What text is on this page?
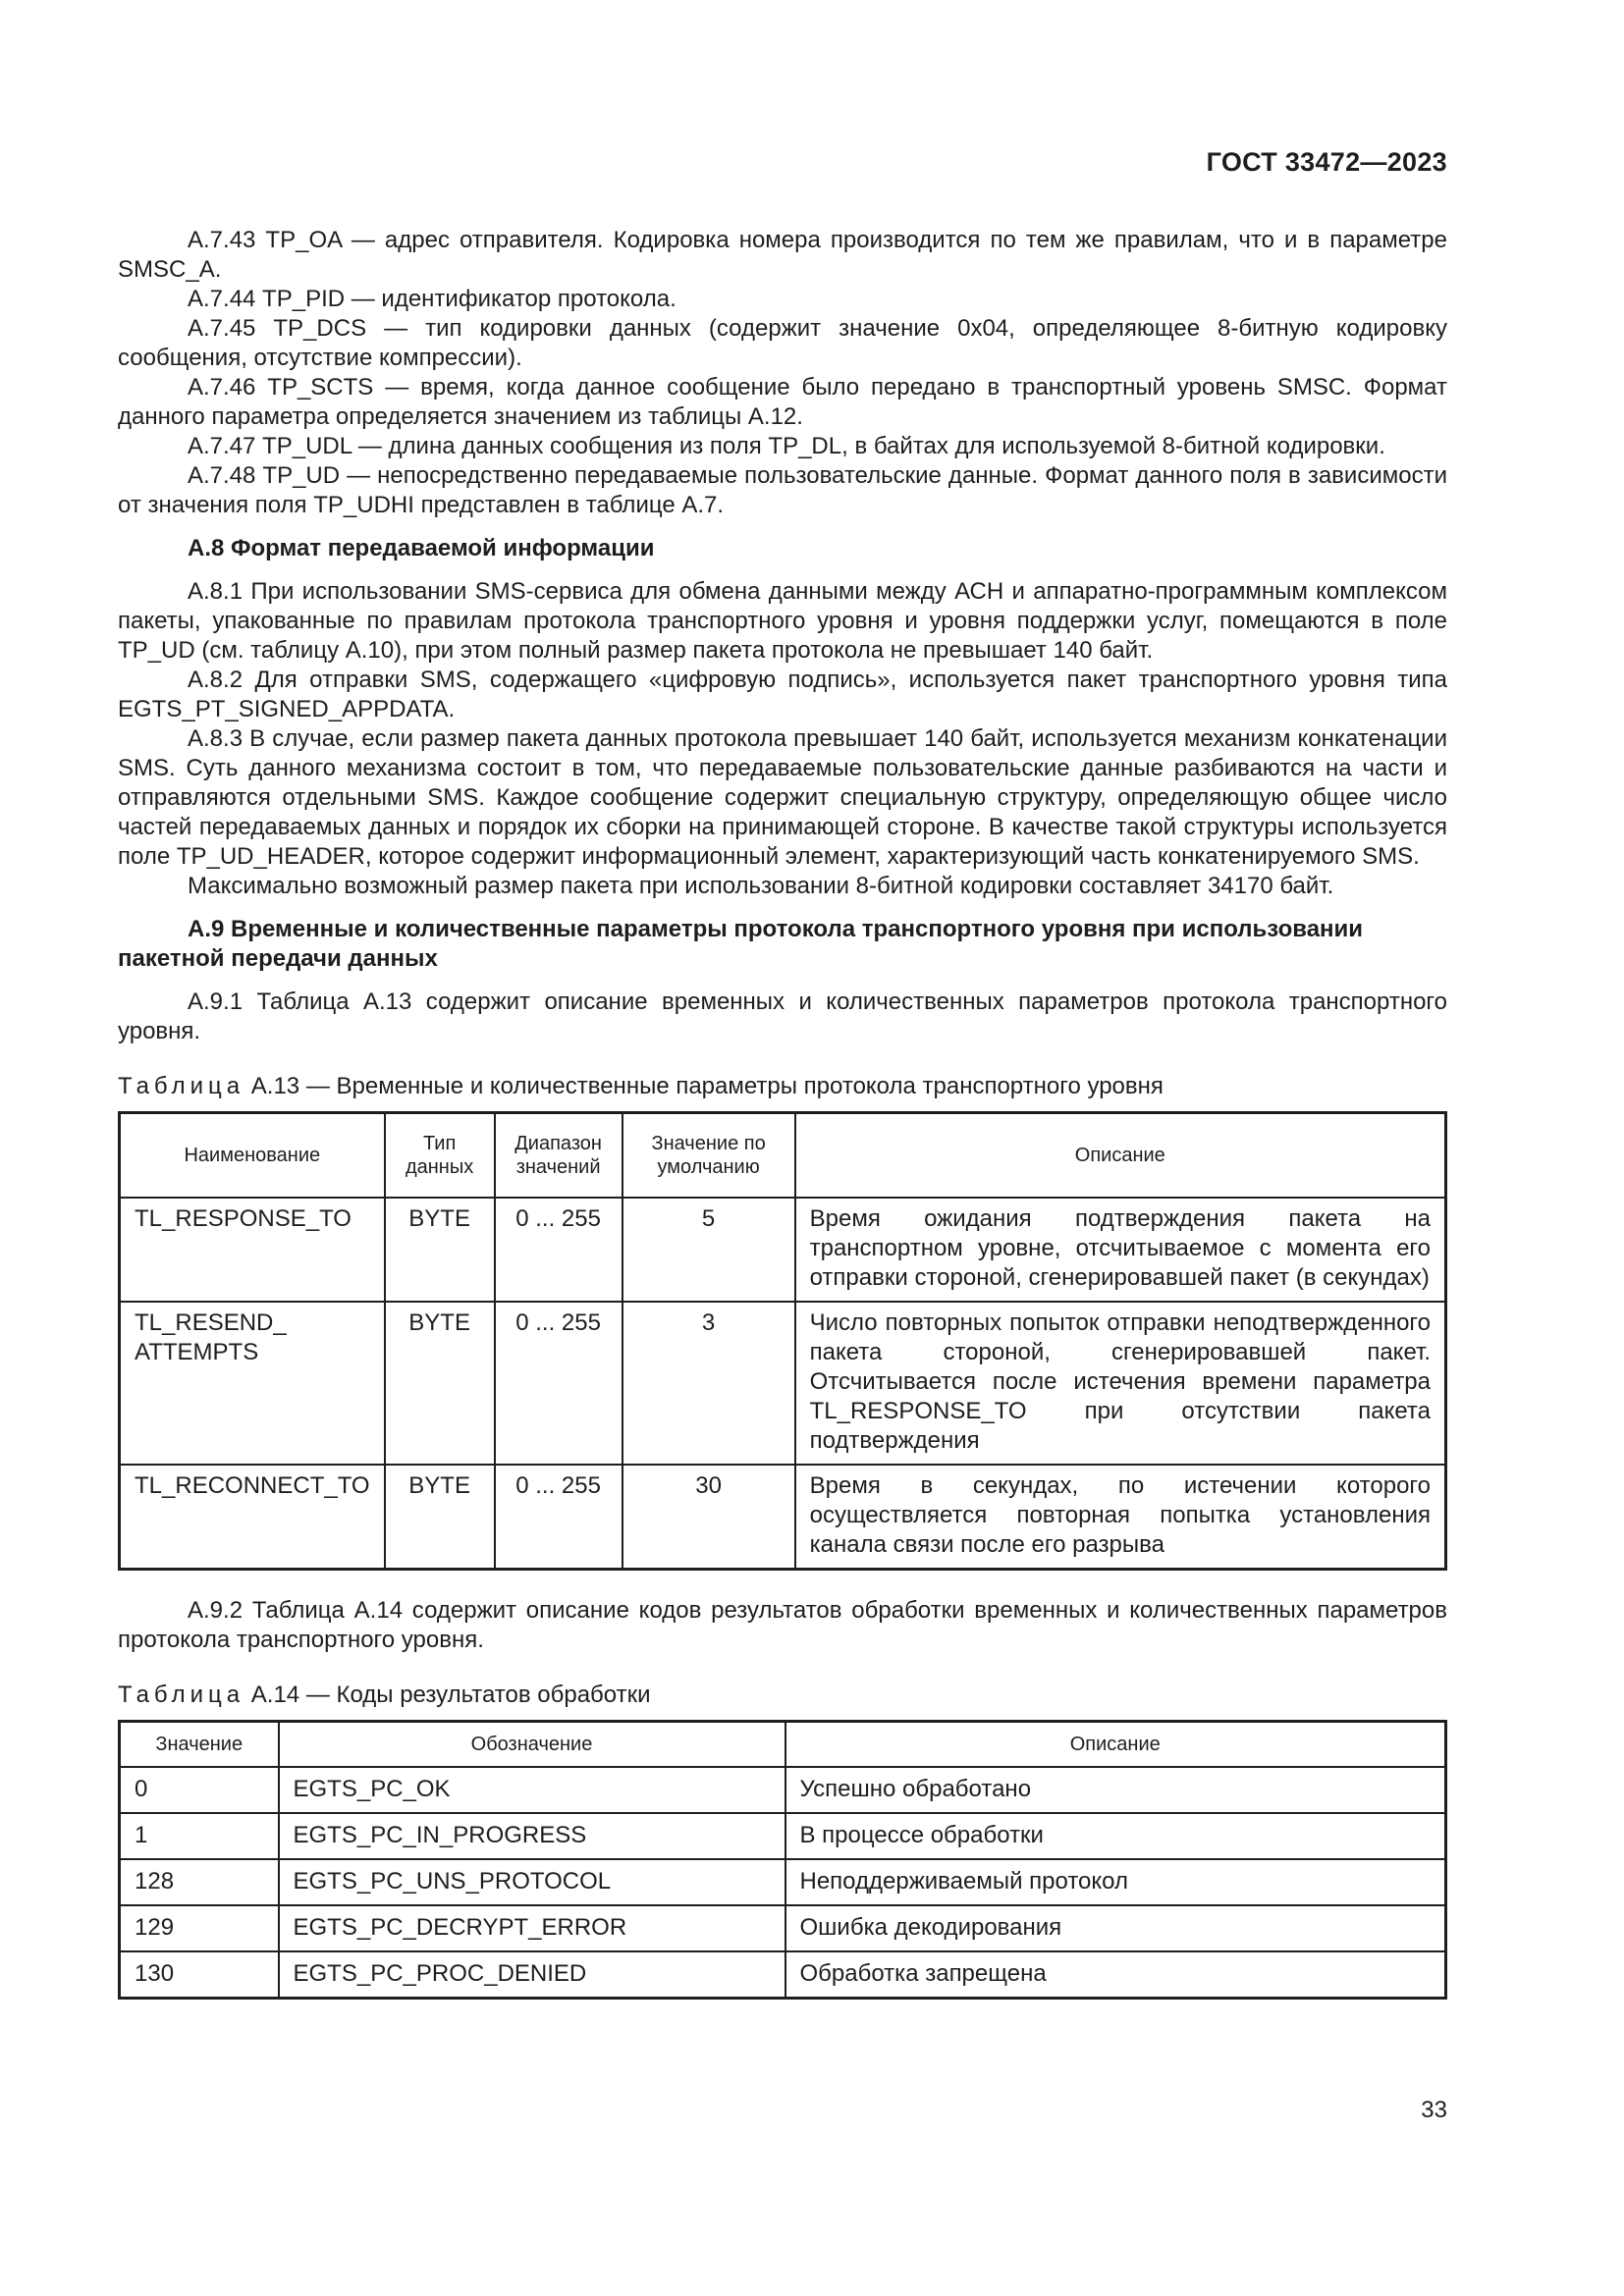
ГОСТ 33472—2023

А.7.43 TP_OA — адрес отправителя. Кодировка номера производится по тем же правилам, что и в параметре SMSC_A.

А.7.44 TP_PID — идентификатор протокола.

А.7.45 TP_DCS — тип кодировки данных (содержит значение 0x04, определяющее 8-битную кодировку сообщения, отсутствие компрессии).

А.7.46 TP_SCTS — время, когда данное сообщение было передано в транспортный уровень SMSC. Формат данного параметра определяется значением из таблицы А.12.

А.7.47 TP_UDL — длина данных сообщения из поля TP_DL, в байтах для используемой 8-битной кодировки.

А.7.48 TP_UD — непосредственно передаваемые пользовательские данные. Формат данного поля в зависимости от значения поля TP_UDHI представлен в таблице А.7.

А.8 Формат передаваемой информации

А.8.1 При использовании SMS-сервиса для обмена данными между АСН и аппаратно-программным комплексом пакеты, упакованные по правилам протокола транспортного уровня и уровня поддержки услуг, помещаются в поле TP_UD (см. таблицу А.10), при этом полный размер пакета протокола не превышает 140 байт.

А.8.2 Для отправки SMS, содержащего «цифровую подпись», используется пакет транспортного уровня типа EGTS_PT_SIGNED_APPDATA.

А.8.3 В случае, если размер пакета данных протокола превышает 140 байт, используется механизм конкатенации SMS. Суть данного механизма состоит в том, что передаваемые пользовательские данные разбиваются на части и отправляются отдельными SMS. Каждое сообщение содержит специальную структуру, определяющую общее число частей передаваемых данных и порядок их сборки на принимающей стороне. В качестве такой структуры используется поле TP_UD_HEADER, которое содержит информационный элемент, характеризующий часть конкатенируемого SMS.

Максимально возможный размер пакета при использовании 8-битной кодировки составляет 34170 байт.

А.9 Временные и количественные параметры протокола транспортного уровня при использовании пакетной передачи данных

А.9.1 Таблица А.13 содержит описание временных и количественных параметров протокола транспортного уровня.

Таблица А.13 — Временные и количественные параметры протокола транспортного уровня
Наименование	Тип данных	Диапазон значений	Значение по умолчанию	Описание
TL_RESPONSE_TO	BYTE	0 ... 255	5	Время ожидания подтверждения пакета на транспортном уровне, отсчитываемое с момента его отправки стороной, сгенерировавшей пакет (в секундах)
TL_RESEND_ ATTEMPTS	BYTE	0 ... 255	3	Число повторных попыток отправки неподтвержденного пакета стороной, сгенерировавшей пакет. Отсчитывается после истечения времени параметра TL_RESPONSE_TO при отсутствии пакета подтверждения
TL_RECONNECT_TO	BYTE	0 ... 255	30	Время в секундах, по истечении которого осуществляется повторная попытка установления канала связи после его разрыва

А.9.2 Таблица А.14 содержит описание кодов результатов обработки временных и количественных параметров протокола транспортного уровня.

Таблица А.14 — Коды результатов обработки
Значение	Обозначение	Описание
0	EGTS_PC_OK	Успешно обработано
1	EGTS_PC_IN_PROGRESS	В процессе обработки
128	EGTS_PC_UNS_PROTOCOL	Неподдерживаемый протокол
129	EGTS_PC_DECRYPT_ERROR	Ошибка декодирования
130	EGTS_PC_PROC_DENIED	Обработка запрещена
33
